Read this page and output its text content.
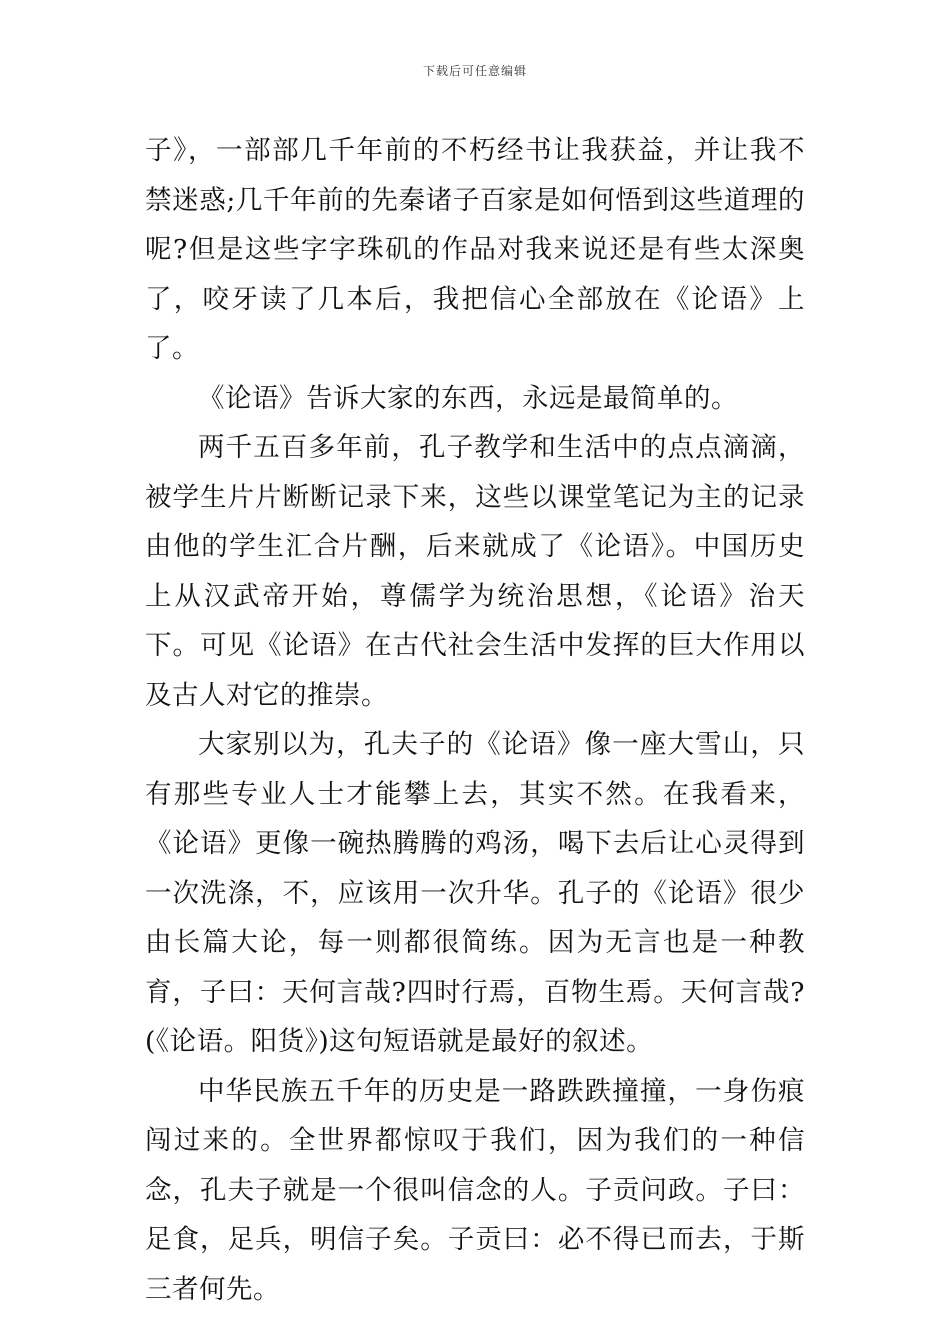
下载后可任意编辑

子》，一部部几千年前的不朽经书让我获益，并让我不禁迷惑;几千年前的先秦诸子百家是如何悟到这些道理的呢?但是这些字字珠矶的作品对我来说还是有些太深奥了，咬牙读了几本后，我把信心全部放在《论语》上了。

《论语》告诉大家的东西，永远是最简单的。

两千五百多年前，孔子教学和生活中的点点滴滴，被学生片片断断记录下来，这些以课堂笔记为主的记录由他的学生汇合片酬，后来就成了《论语》。中国历史上从汉武帝开始，尊儒学为统治思想，《论语》治天下。可见《论语》在古代社会生活中发挥的巨大作用以及古人对它的推崇。

大家别以为，孔夫子的《论语》像一座大雪山，只有那些专业人士才能攀上去，其实不然。在我看来，《论语》更像一碗热腾腾的鸡汤，喝下去后让心灵得到一次洗涤，不，应该用一次升华。孔子的《论语》很少由长篇大论，每一则都很简练。因为无言也是一种教育，子曰：天何言哉?四时行焉，百物生焉。天何言哉?(《论语。阳货》)这句短语就是最好的叙述。

中华民族五千年的历史是一路跌跌撞撞，一身伤痕闯过来的。全世界都惊叹于我们，因为我们的一种信念，孔夫子就是一个很叫信念的人。子贡问政。子曰：足食，足兵，明信子矣。子贡曰：必不得已而去，于斯三者何先。
